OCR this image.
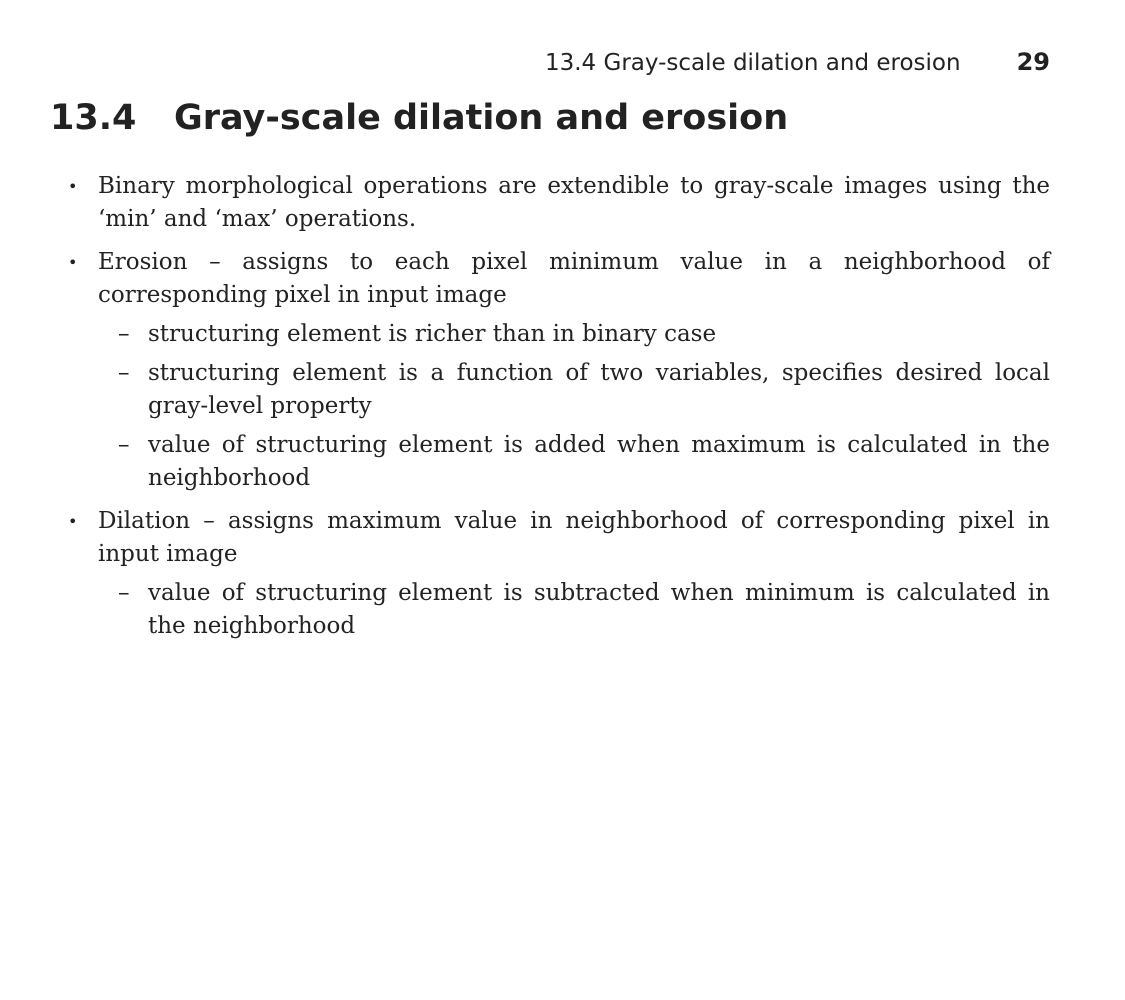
13.4 Gray-scale dilation and erosion 29
13.4 Gray-scale dilation and erosion
• Binary morphological operations are extendible to gray-scale images using the ‘min’ and ‘max’ operations.
• Erosion – assigns to each pixel minimum value in a neighborhood of corresponding pixel in input image
– structuring element is richer than in binary case
– structuring element is a function of two variables, specifies desired local gray-level property
– value of structuring element is added when maximum is calculated in the neighborhood
• Dilation – assigns maximum value in neighborhood of corresponding pixel in input image
– value of structuring element is subtracted when minimum is calculated in the neighborhood
